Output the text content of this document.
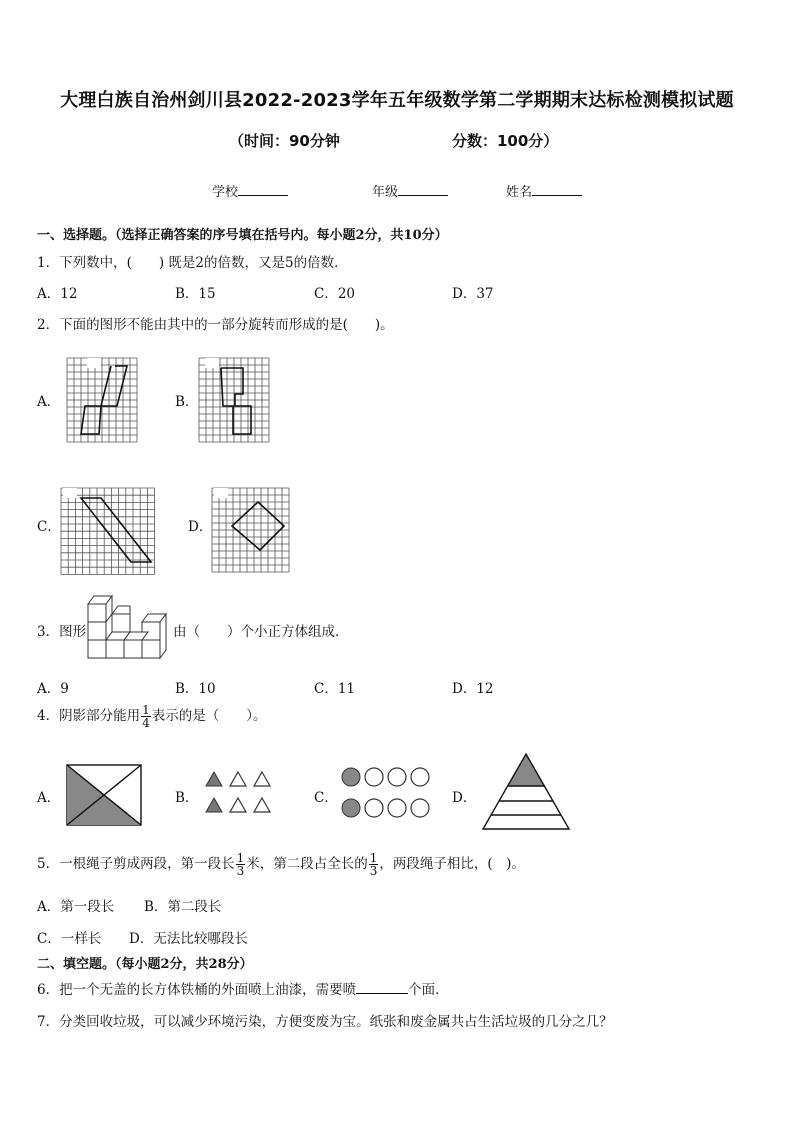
大理白族自治州剑川县2022-2023学年五年级数学第二学期期末达标检测模拟试题
（时间：90分钟	分数：100分）
学校	年级	姓名
一、选择题。（选择正确答案的序号填在括号内。每小题2分，共10分）
1．下列数中，(　　) 既是2的倍数，又是5的倍数．
A．12	B．15	C．20	D．37
2．下面的图形不能由其中的一部分旋转而形成的是(　　)。
A．	B．
C．	D．
3．图形	由（　　）个小正方体组成．
A．9	B．10	C．11	D．12
4．阴影部分能用 $\frac{1}{4}$ 表示的是（　　）。
A．	B．	C．	D．
5．一根绳子剪成两段，第一段长 $\frac{1}{3}$ 米，第二段占全长的 $\frac{1}{3}$ ，两段绳子相比，(　)。
A．第一段长 B．第二段长
C．一样长 D．无法比较哪段长
二、填空题。（每小题2分，共28分）
6．把一个无盖的长方体铁桶的外面喷上油漆，需要喷	个面．
7．分类回收垃圾，可以减少环境污染，方便变废为宝。纸张和废金属共占生活垃圾的几分之几？
